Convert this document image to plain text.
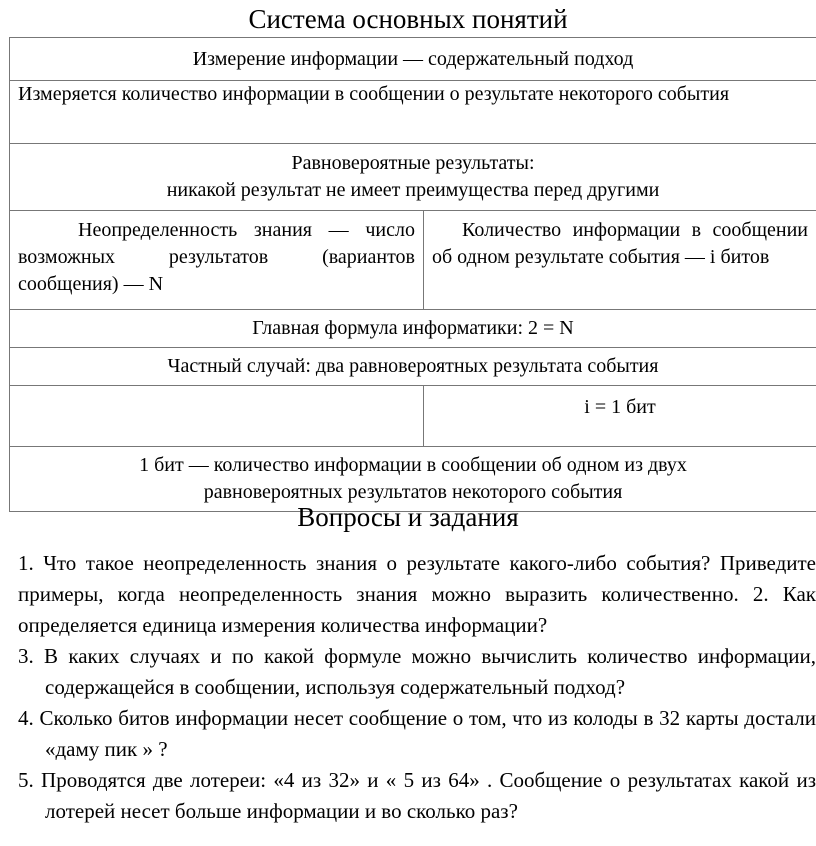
Система основных понятий
Измерение информации — содержательный подход	
Измеряется количество информации в сообщении о результате некоторого события	

Равновероятные результаты:
никакой результат не имеет преимущества перед другими	

Неопределенность знания — число возможных результатов (вариантов сообщения) — N	Количество информации в сообщении об одном результате события — i битов
Главная формула информатики: 2 = N	
Частный случай: два равновероятных результата события	
	i = 1 бит

1 бит — количество информации в сообщении об одном из двух
равновероятных результатов некоторого события	
Вопросы и задания

1. Что такое неопределенность знания о результате какого-либо события? Приведите примеры, когда неопределенность знания можно выразить количественно. 2. Как определяется единица измерения количества информации?

3. В каких случаях и по какой формуле можно вычислить количество информации, содержащейся в сообщении, используя содержательный подход?

4. Сколько битов информации несет сообщение о том, что из колоды в 32 карты достали «даму пик » ?

5. Проводятся две лотереи: «4 из 32» и « 5 из 64» . Сообщение о результатах какой из лотерей несет больше информации и во сколько раз?
